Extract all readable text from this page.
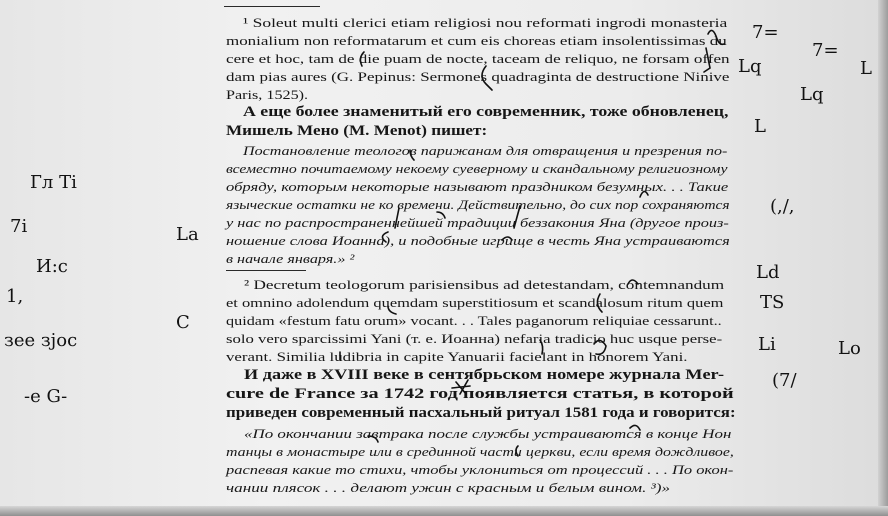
¹ Soleut multi clerici etiam religiosi nou reformati ingrodi monasteria
monialium non reformatarum et cum eis choreas etiam insolentissimas du
cere et hoc, tam de die puam de nocte, taceam de reliquo, ne forsam offen
dam pias aures (G. Pepinus: Sermones quadraginta de destructione Ninive
Paris, 1525).
А еще более знаменитый его современник, тоже обновленец,
Мишель Мено (M. Menot) пишет:
Постановление теологов парижанам для отвращения и презрения по-
всеместно почитаемому некоему суеверному и скандальному религиозному
обряду, которым некоторые называют праздником безумных. . . Такие
языческие остатки не ко времени. Действительно, до сих пор сохраняются
у нас по распространеннейшей традиции беззакония Яна (другое произ-
ношение слова Иоанна), и подобные игрище в честь Яна устраиваются
в начале января.» ²
² Decretum teologorum parisiensibus ad detestandam, contemnandum
et omnino adolendum quemdam superstitiosum et scandalosum ritum quem
quidam «festum fatu orum» vocant. . . Tales paganorum reliquiae cessarunt..
solo vero sparcissimi Yani (т. е. Иоанна) nefaria tradicio huc usque perse-
verant. Similia ludibria in capite Yanuarii facielant in honorem Yani.
И даже в XVIII веке в сентябрьском номере журнала Mer-
cure de France за 1742 год появляется статья, в которой
приведен современный пасхальный ритуал 1581 года и говорится:
«По окончании завтрака после службы устраиваются в конце Нон
танцы в монастыре или в срединной части церкви, если время дождливое,
распевая какие то стихи, чтобы уклониться от процессий . . . По окон-
чании плясок . . . делают ужин с красным и белым вином. ³)»
Гл Ti
7i
И:с
1,
зее зјос
-е G-
La
С
7=
7=
Lq
Lq
L
L
(,/,
Ld
TS
Li	Lo
(7/
